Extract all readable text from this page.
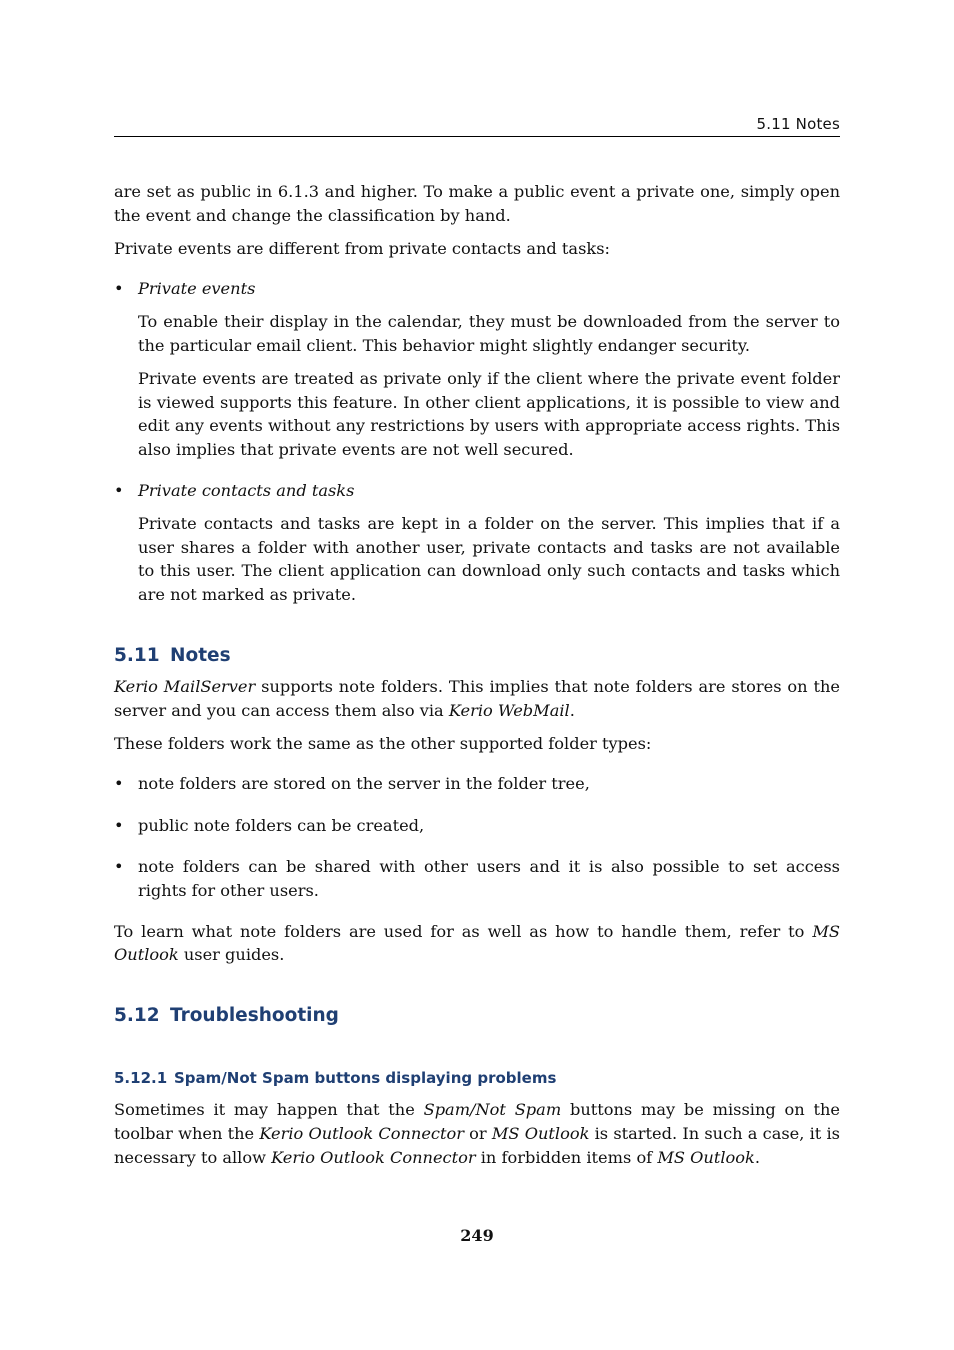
5.11 Notes

are set as public in 6.1.3 and higher. To make a public event a private one, simply open the event and change the classification by hand.

Private events are different from private contacts and tasks:

• Private events

To enable their display in the calendar, they must be downloaded from the server to the particular email client. This behavior might slightly endanger security.

Private events are treated as private only if the client where the private event folder is viewed supports this feature. In other client applications, it is possible to view and edit any events without any restrictions by users with appropriate access rights. This also implies that private events are not well secured.

• Private contacts and tasks

Private contacts and tasks are kept in a folder on the server. This implies that if a user shares a folder with another user, private contacts and tasks are not available to this user. The client application can download only such contacts and tasks which are not marked as private.

5.11 Notes

Kerio MailServer supports note folders. This implies that note folders are stores on the server and you can access them also via Kerio WebMail.

These folders work the same as the other supported folder types:

• note folders are stored on the server in the folder tree,

• public note folders can be created,

• note folders can be shared with other users and it is also possible to set access rights for other users.

To learn what note folders are used for as well as how to handle them, refer to MS Outlook user guides.

5.12 Troubleshooting
5.12.1 Spam/Not Spam buttons displaying problems

Sometimes it may happen that the Spam/Not Spam buttons may be missing on the toolbar when the Kerio Outlook Connector or MS Outlook is started. In such a case, it is necessary to allow Kerio Outlook Connector in forbidden items of MS Outlook.

249
